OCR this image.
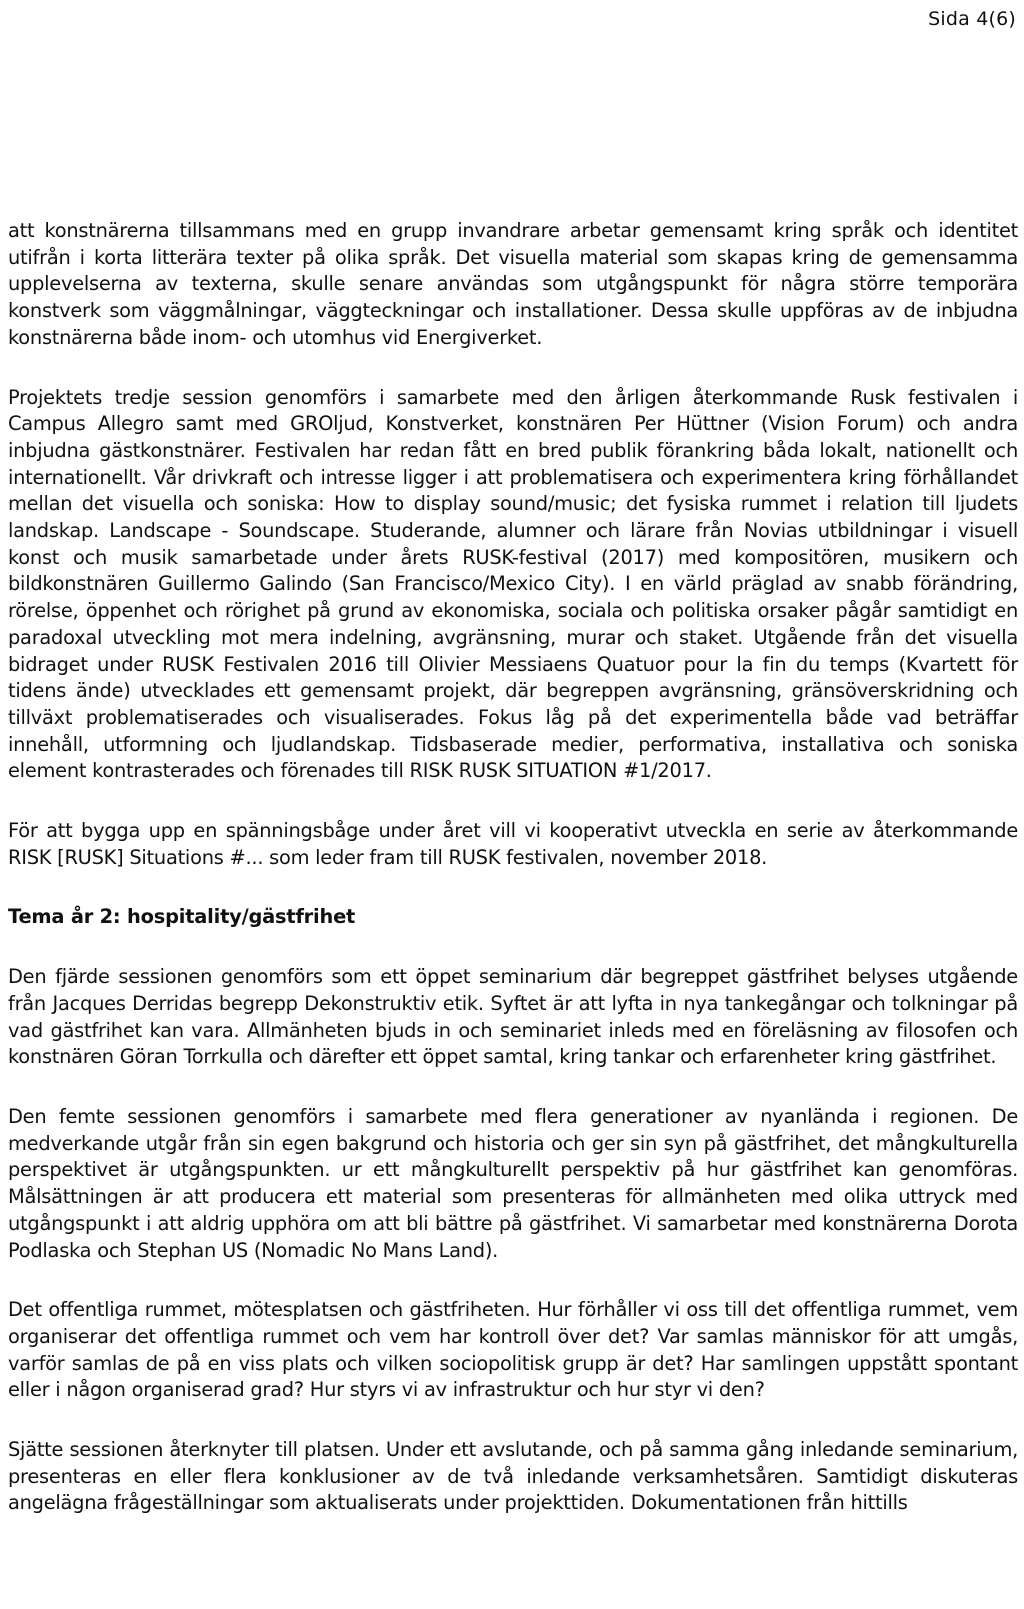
Sida 4(6)

att konstnärerna tillsammans med en grupp invandrare arbetar gemensamt kring språk och identitet utifrån i korta litterära texter på olika språk. Det visuella material som skapas kring de gemensamma upplevelserna av texterna, skulle senare användas som utgångspunkt för några större temporära konstverk som väggmålningar, väggteckningar och installationer. Dessa skulle uppföras av de inbjudna konstnärerna både inom- och utomhus vid Energiverket.

Projektets tredje session genomförs i samarbete med den årligen återkommande Rusk festivalen i Campus Allegro samt med GROljud, Konstverket, konstnären Per Hüttner (Vision Forum) och andra inbjudna gästkonstnärer. Festivalen har redan fått en bred publik förankring båda lokalt, nationellt och internationellt. Vår drivkraft och intresse ligger i att problematisera och experimentera kring förhållandet mellan det visuella och soniska: How to display sound/music; det fysiska rummet i relation till ljudets landskap. Landscape - Soundscape. Studerande, alumner och lärare från Novias utbildningar i visuell konst och musik samarbetade under årets RUSK-festival (2017) med kompositören, musikern och bildkonstnären Guillermo Galindo (San Francisco/Mexico City). I en värld präglad av snabb förändring, rörelse, öppenhet och rörighet på grund av ekonomiska, sociala och politiska orsaker pågår samtidigt en paradoxal utveckling mot mera indelning, avgränsning, murar och staket. Utgående från det visuella bidraget under RUSK Festivalen 2016 till Olivier Messiaens Quatuor pour la fin du temps (Kvartett för tidens ände) utvecklades ett gemensamt projekt, där begreppen avgränsning, gränsöverskridning och tillväxt problematiserades och visualiserades. Fokus låg på det experimentella både vad beträffar innehåll, utformning och ljudlandskap. Tidsbaserade medier, performativa, installativa och soniska element kontrasterades och förenades till RISK RUSK SITUATION #1/2017.

För att bygga upp en spänningsbåge under året vill vi kooperativt utveckla en serie av återkommande RISK [RUSK] Situations #... som leder fram till RUSK festivalen, november 2018.

Tema år 2: hospitality/gästfrihet

Den fjärde sessionen genomförs som ett öppet seminarium där begreppet gästfrihet belyses utgående från Jacques Derridas begrepp Dekonstruktiv etik. Syftet är att lyfta in nya tankegångar och tolkningar på vad gästfrihet kan vara. Allmänheten bjuds in och seminariet inleds med en föreläsning av filosofen och konstnären Göran Torrkulla och därefter ett öppet samtal, kring tankar och erfarenheter kring gästfrihet.

Den femte sessionen genomförs i samarbete med flera generationer av nyanlända i regionen. De medverkande utgår från sin egen bakgrund och historia och ger sin syn på gästfrihet, det mångkulturella perspektivet är utgångspunkten. ur ett mångkulturellt perspektiv på hur gästfrihet kan genomföras. Målsättningen är att producera ett material som presenteras för allmänheten med olika uttryck med utgångspunkt i att aldrig upphöra om att bli bättre på gästfrihet. Vi samarbetar med konstnärerna Dorota Podlaska och Stephan US (Nomadic No Mans Land).

Det offentliga rummet, mötesplatsen och gästfriheten. Hur förhåller vi oss till det offentliga rummet, vem organiserar det offentliga rummet och vem har kontroll över det? Var samlas människor för att umgås, varför samlas de på en viss plats och vilken sociopolitisk grupp är det? Har samlingen uppstått spontant eller i någon organiserad grad? Hur styrs vi av infrastruktur och hur styr vi den?

Sjätte sessionen återknyter till platsen. Under ett avslutande, och på samma gång inledande seminarium, presenteras en eller flera konklusioner av de två inledande verksamhetsåren. Samtidigt diskuteras angelägna frågeställningar som aktualiserats under projekttiden. Dokumentationen från hittills
